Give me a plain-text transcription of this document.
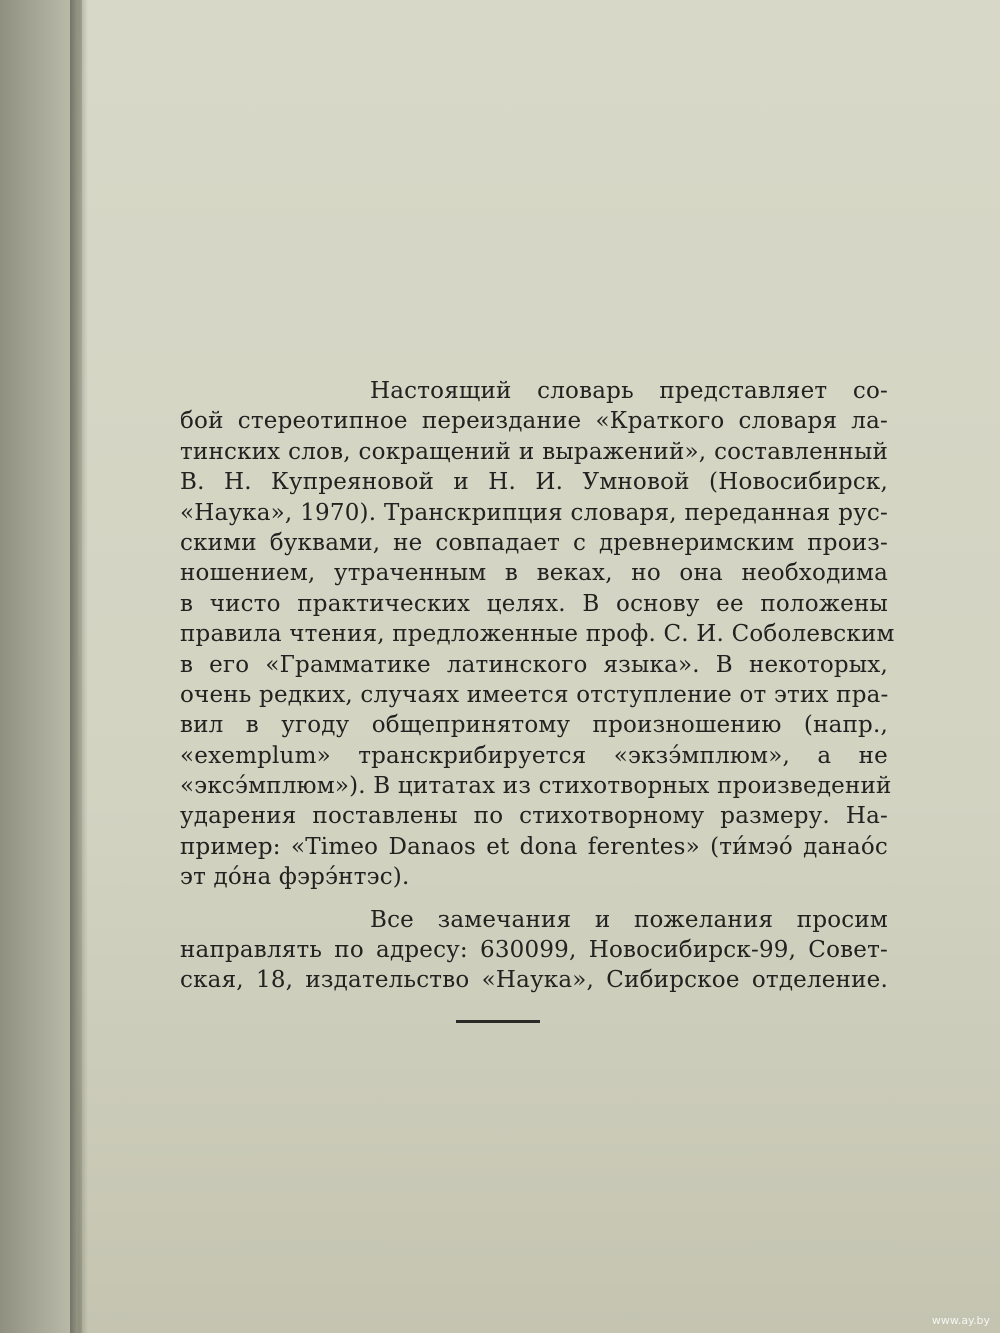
Настоящий словарь представляет со-
бой стереотипное переиздание «Краткого словаря ла-
тинских слов, сокращений и выражений», составленный
В. Н. Купреяновой и Н. И. Умновой (Новосибирск,
«Наука», 1970). Транскрипция словаря, переданная рус-
скими буквами, не совпадает с древнеримским произ-
ношением, утраченным в веках, но она необходима
в чисто практических целях. В основу ее положены
правила чтения, предложенные проф. С. И. Соболевским
в его «Грамматике латинского языка». В некоторых,
очень редких, случаях имеется отступление от этих пра-
вил в угоду общепринятому произношению (напр.,
«exemplum» транскрибируется «экзэ́мплюм», а не
«эксэ́мплюм»). В цитатах из стихотворных произведений
ударения поставлены по стихотворному размеру. На-
пример: «Timeo Danaos et dona ferentes» (ти́мэо́ данао́с
эт до́на фэрэ́нтэс).
Все замечания и пожелания просим
направлять по адресу: 630099, Новосибирск-99, Совет-
ская, 18, издательство «Наука», Сибирское отделение.
www.ay.by
